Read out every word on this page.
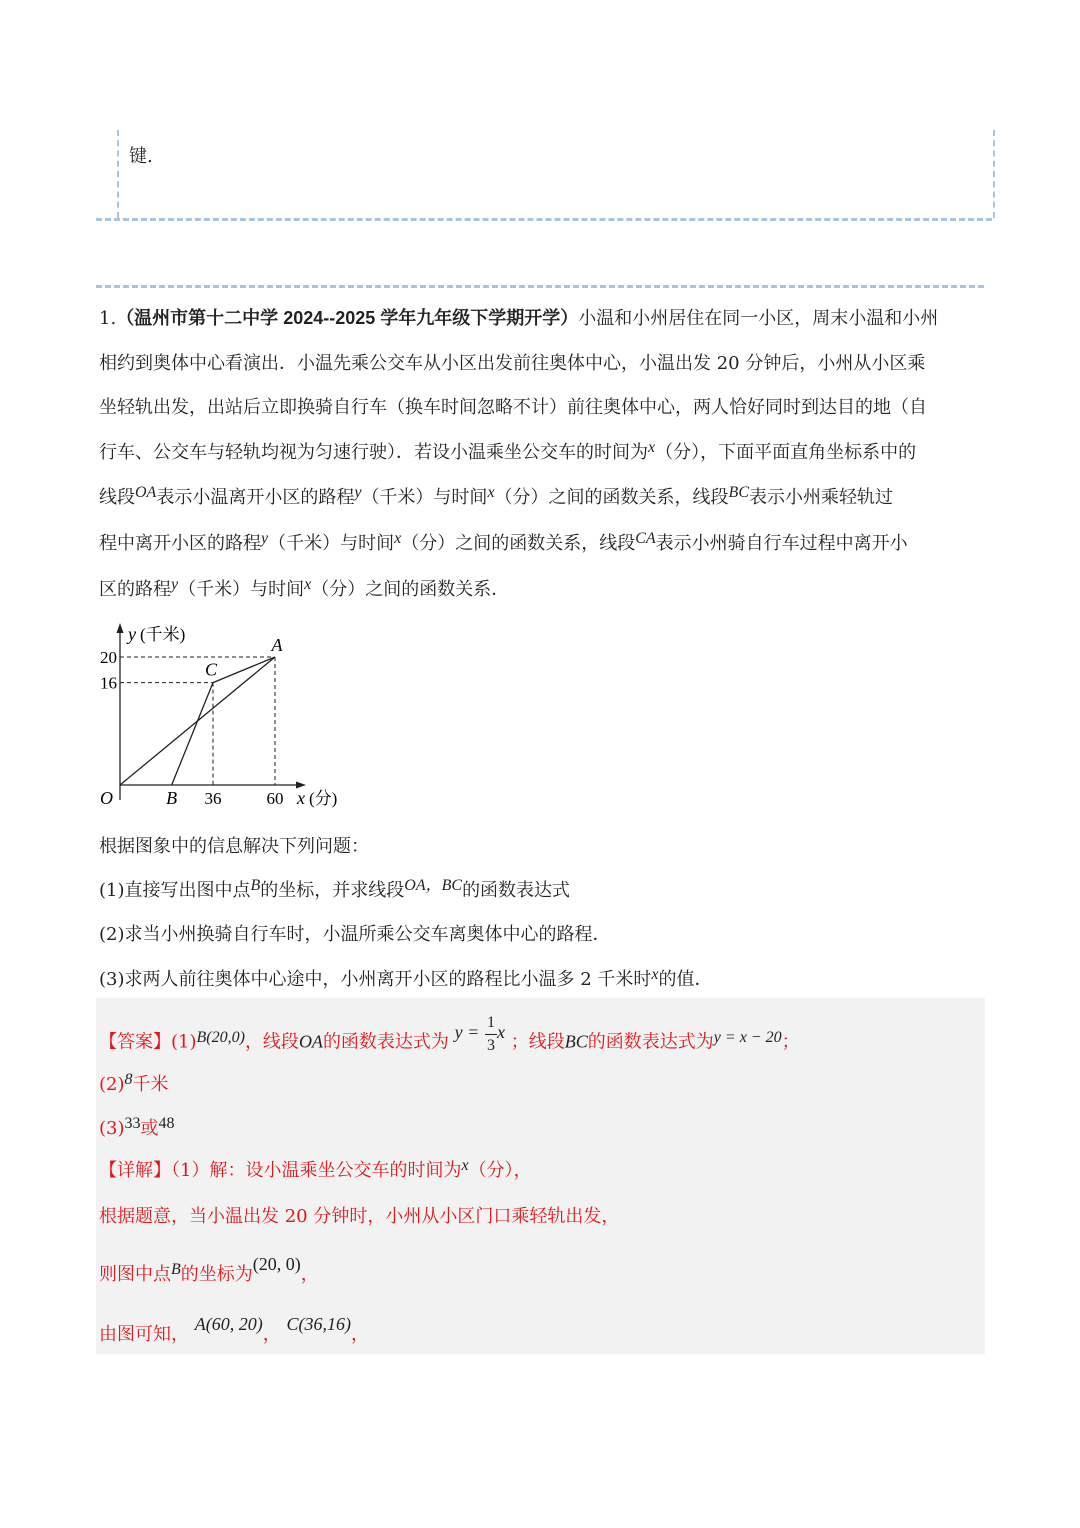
键.
1.（温州市第十二中学 2024--2025 学年九年级下学期开学）小温和小州居住在同一小区，周末小温和小州
相约到奥体中心看演出．小温先乘公交车从小区出发前往奥体中心，小温出发 20 分钟后，小州从小区乘
坐轻轨出发，出站后立即换骑自行车（换车时间忽略不计）前往奥体中心，两人恰好同时到达目的地（自
行车、公交车与轻轨均视为匀速行驶）．若设小温乘坐公交车的时间为x（分），下面平面直角坐标系中的
线段OA表示小温离开小区的路程y（千米）与时间x（分）之间的函数关系，线段BC表示小州乘轻轨过
程中离开小区的路程y（千米）与时间x（分）之间的函数关系，线段CA表示小州骑自行车过程中离开小
区的路程y（千米）与时间x（分）之间的函数关系．
36	60
20
16
O	B
C
A
y (千米)
x (分)
根据图象中的信息解决下列问题：
(1)直接写出图中点B的坐标，并求线段OA，BC的函数表达式
(2)求当小州换骑自行车时，小温所乘公交车离奥体中心的路程．
(3)求两人前往奥体中心途中，小州离开小区的路程比小温多 2 千米时x的值．
【答案】(1)B(20,0)，线段OA的函数表达式为 $y = \frac{1}{3}$ x ；线段BC的函数表达式为y = x − 20；
(2)8千米
(3)33或48
【详解】（1）解：设小温乘坐公交车的时间为x（分），
根据题意，当小温出发 20 分钟时，小州从小区门口乘轻轨出发，
则图中点B的坐标为(20, 0)，
由图可知， A(60, 20)， C(36,16)，
